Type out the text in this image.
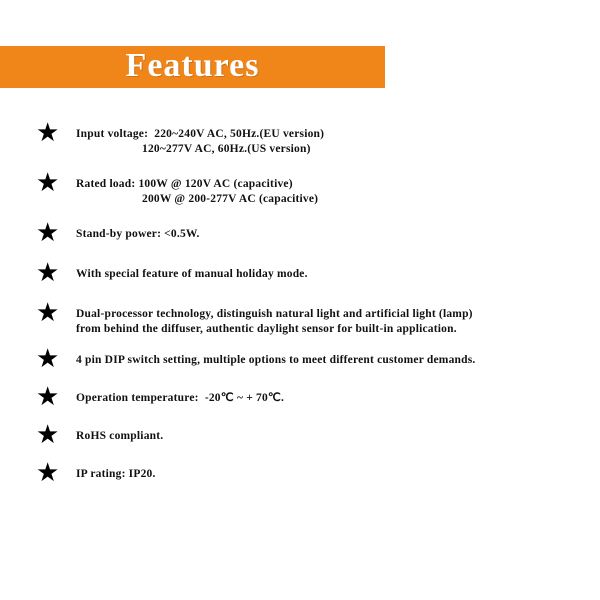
Features
★ Input voltage:  220~240V AC, 50Hz.(EU version)
120~277V AC, 60Hz.(US version)
★ Rated load: 100W @ 120V AC (capacitive)
200W @ 200-277V AC (capacitive)
★ Stand-by power: <0.5W.
★ With special feature of manual holiday mode.
★ Dual-processor technology, distinguish natural light and artificial light (lamp)
from behind the diffuser, authentic daylight sensor for built-in application.
★ 4 pin DIP switch setting, multiple options to meet different customer demands.
★ Operation temperature:  -20℃ ~ + 70℃.
★ RoHS compliant.
★ IP rating: IP20.
